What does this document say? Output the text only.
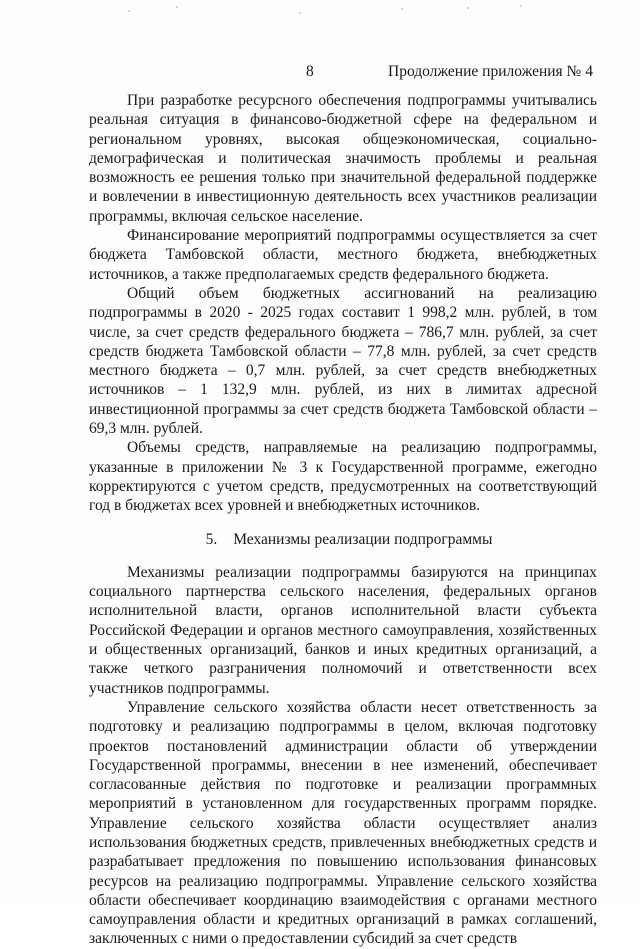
8	Продолжение приложения № 4

При разработке ресурсного обеспечения подпрограммы учитывались реальная ситуация в финансово-бюджетной сфере на федеральном и региональном уровнях, высокая общеэкономическая, социально-демографическая и политическая значимость проблемы и реальная возможность ее решения только при значительной федеральной поддержке и вовлечении в инвестиционную деятельность всех участников реализации программы, включая сельское население.

Финансирование мероприятий подпрограммы осуществляется за счет бюджета Тамбовской области, местного бюджета, внебюджетных источников, а также предполагаемых средств федерального бюджета.

Общий объем бюджетных ассигнований на реализацию подпрограммы в 2020 - 2025 годах составит 1 998,2 млн. рублей, в том числе, за счет средств федерального бюджета – 786,7 млн. рублей, за счет средств бюджета Тамбовской области – 77,8 млн. рублей, за счет средств местного бюджета – 0,7 млн. рублей, за счет средств внебюджетных источников – 1 132,9 млн. рублей, из них в лимитах адресной инвестиционной программы за счет средств бюджета Тамбовской области – 69,3 млн. рублей.

Объемы средств, направляемые на реализацию подпрограммы, указанные в приложении № 3 к Государственной программе, ежегодно корректируются с учетом средств, предусмотренных на соответствующий год в бюджетах всех уровней и внебюджетных источников.

5. Механизмы реализации подпрограммы

Механизмы реализации подпрограммы базируются на принципах социального партнерства сельского населения, федеральных органов исполнительной власти, органов исполнительной власти субъекта Российской Федерации и органов местного самоуправления, хозяйственных и общественных организаций, банков и иных кредитных организаций, а также четкого разграничения полномочий и ответственности всех участников подпрограммы.

Управление сельского хозяйства области несет ответственность за подготовку и реализацию подпрограммы в целом, включая подготовку проектов постановлений администрации области об утверждении Государственной программы, внесении в нее изменений, обеспечивает согласованные действия по подготовке и реализации программных мероприятий в установленном для государственных программ порядке. Управление сельского хозяйства области осуществляет анализ использования бюджетных средств, привлеченных внебюджетных средств и разрабатывает предложения по повышению использования финансовых ресурсов на реализацию подпрограммы. Управление сельского хозяйства области обеспечивает координацию взаимодействия с органами местного самоуправления области и кредитных организаций в рамках соглашений, заключенных с ними о предоставлении субсидий за счет средств
